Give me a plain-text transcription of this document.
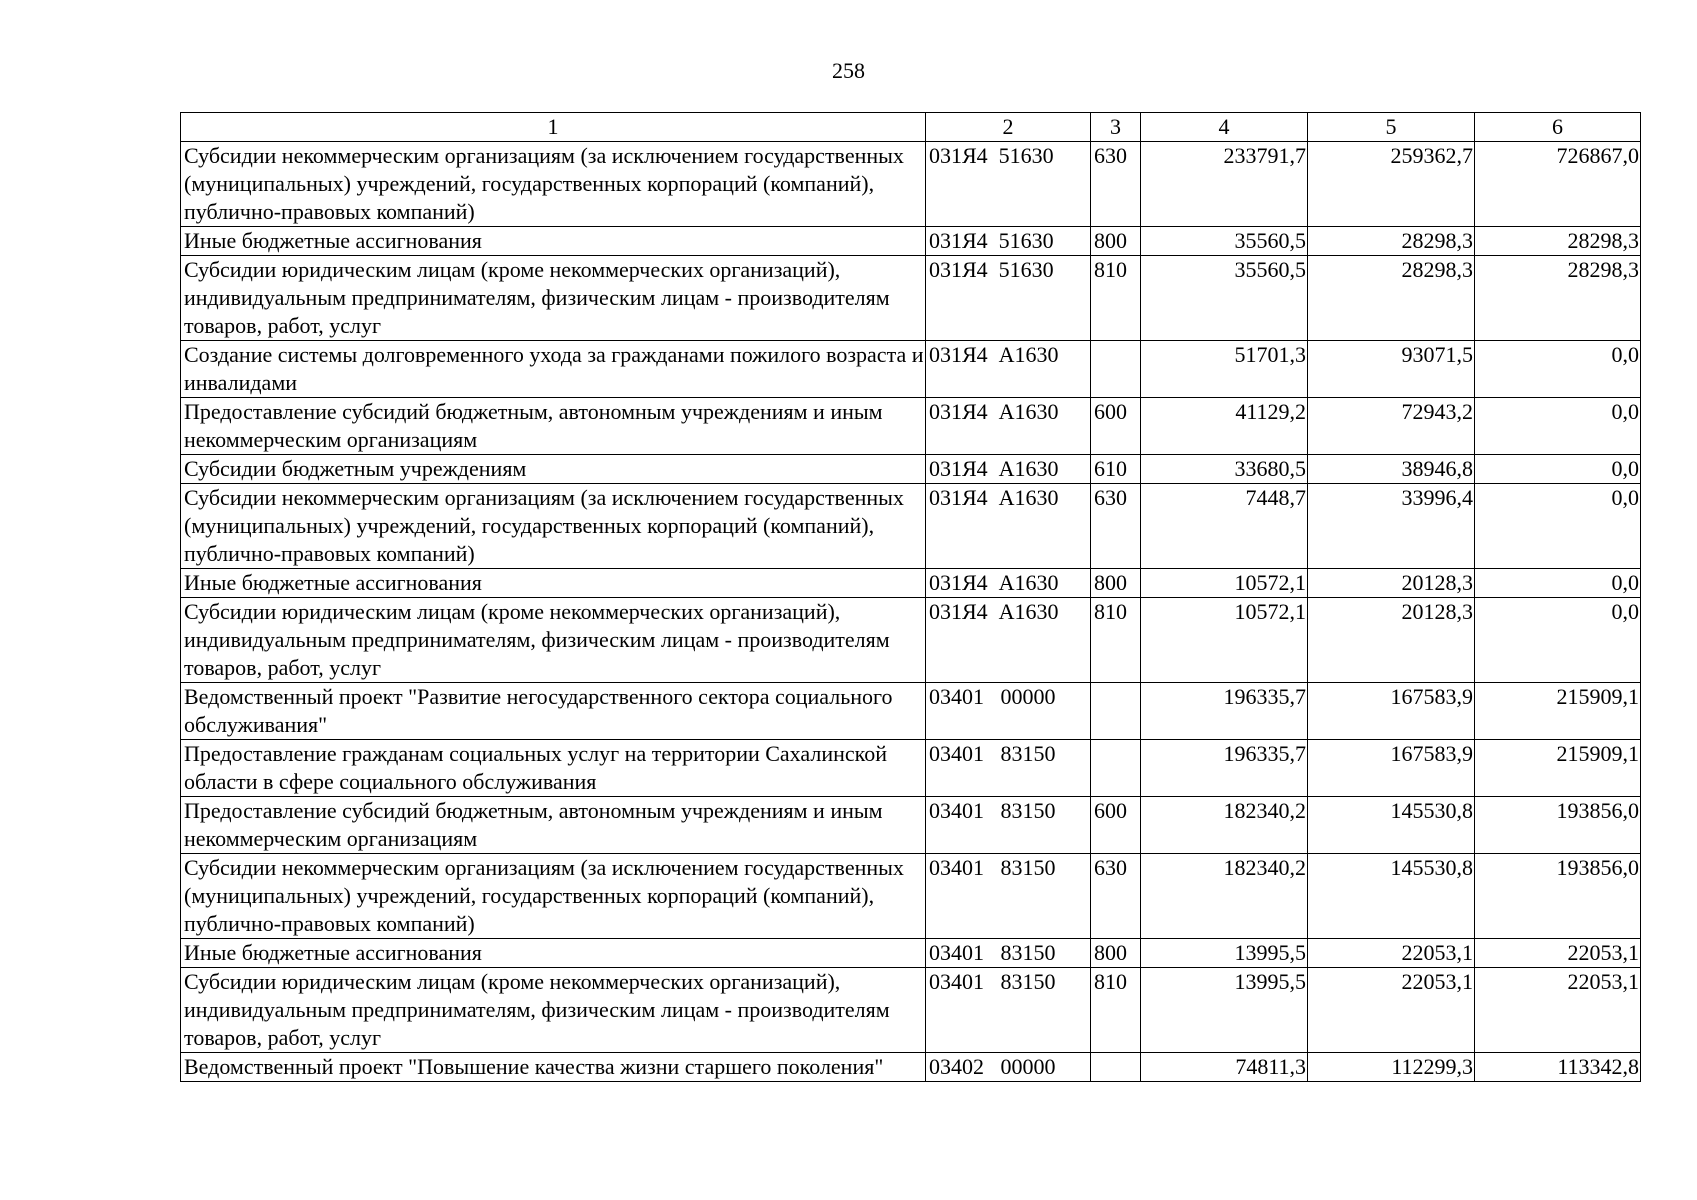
258
1	2	3	4	5	6
Субсидии некоммерческим организациям (за исключением государственных (муниципальных) учреждений, государственных корпораций (компаний), публично-правовых компаний)	031Я4  51630	630	233791,7	259362,7	726867,0
Иные бюджетные ассигнования	031Я4  51630	800	35560,5	28298,3	28298,3
Субсидии юридическим лицам (кроме некоммерческих организаций), индивидуальным предпринимателям, физическим лицам - производителям товаров, работ, услуг	031Я4  51630	810	35560,5	28298,3	28298,3
Создание системы долговременного ухода за гражданами пожилого возраста и инвалидами	031Я4  А1630		51701,3	93071,5	0,0
Предоставление субсидий бюджетным, автономным учреждениям и иным некоммерческим организациям	031Я4  А1630	600	41129,2	72943,2	0,0
Субсидии бюджетным учреждениям	031Я4  А1630	610	33680,5	38946,8	0,0
Субсидии некоммерческим организациям (за исключением государственных (муниципальных) учреждений, государственных корпораций (компаний), публично-правовых компаний)	031Я4  А1630	630	7448,7	33996,4	0,0
Иные бюджетные ассигнования	031Я4  А1630	800	10572,1	20128,3	0,0
Субсидии юридическим лицам (кроме некоммерческих организаций), индивидуальным предпринимателям, физическим лицам - производителям товаров, работ, услуг	031Я4  А1630	810	10572,1	20128,3	0,0
Ведомственный проект "Развитие негосударственного сектора социального обслуживания"	03401   00000		196335,7	167583,9	215909,1
Предоставление гражданам социальных услуг на территории Сахалинской области в сфере социального обслуживания	03401   83150		196335,7	167583,9	215909,1
Предоставление субсидий бюджетным, автономным учреждениям и иным некоммерческим организациям	03401   83150	600	182340,2	145530,8	193856,0
Субсидии некоммерческим организациям (за исключением государственных (муниципальных) учреждений, государственных корпораций (компаний), публично-правовых компаний)	03401   83150	630	182340,2	145530,8	193856,0
Иные бюджетные ассигнования	03401   83150	800	13995,5	22053,1	22053,1
Субсидии юридическим лицам (кроме некоммерческих организаций), индивидуальным предпринимателям, физическим лицам - производителям товаров, работ, услуг	03401   83150	810	13995,5	22053,1	22053,1
Ведомственный проект "Повышение качества жизни старшего поколения"	03402   00000		74811,3	112299,3	113342,8
